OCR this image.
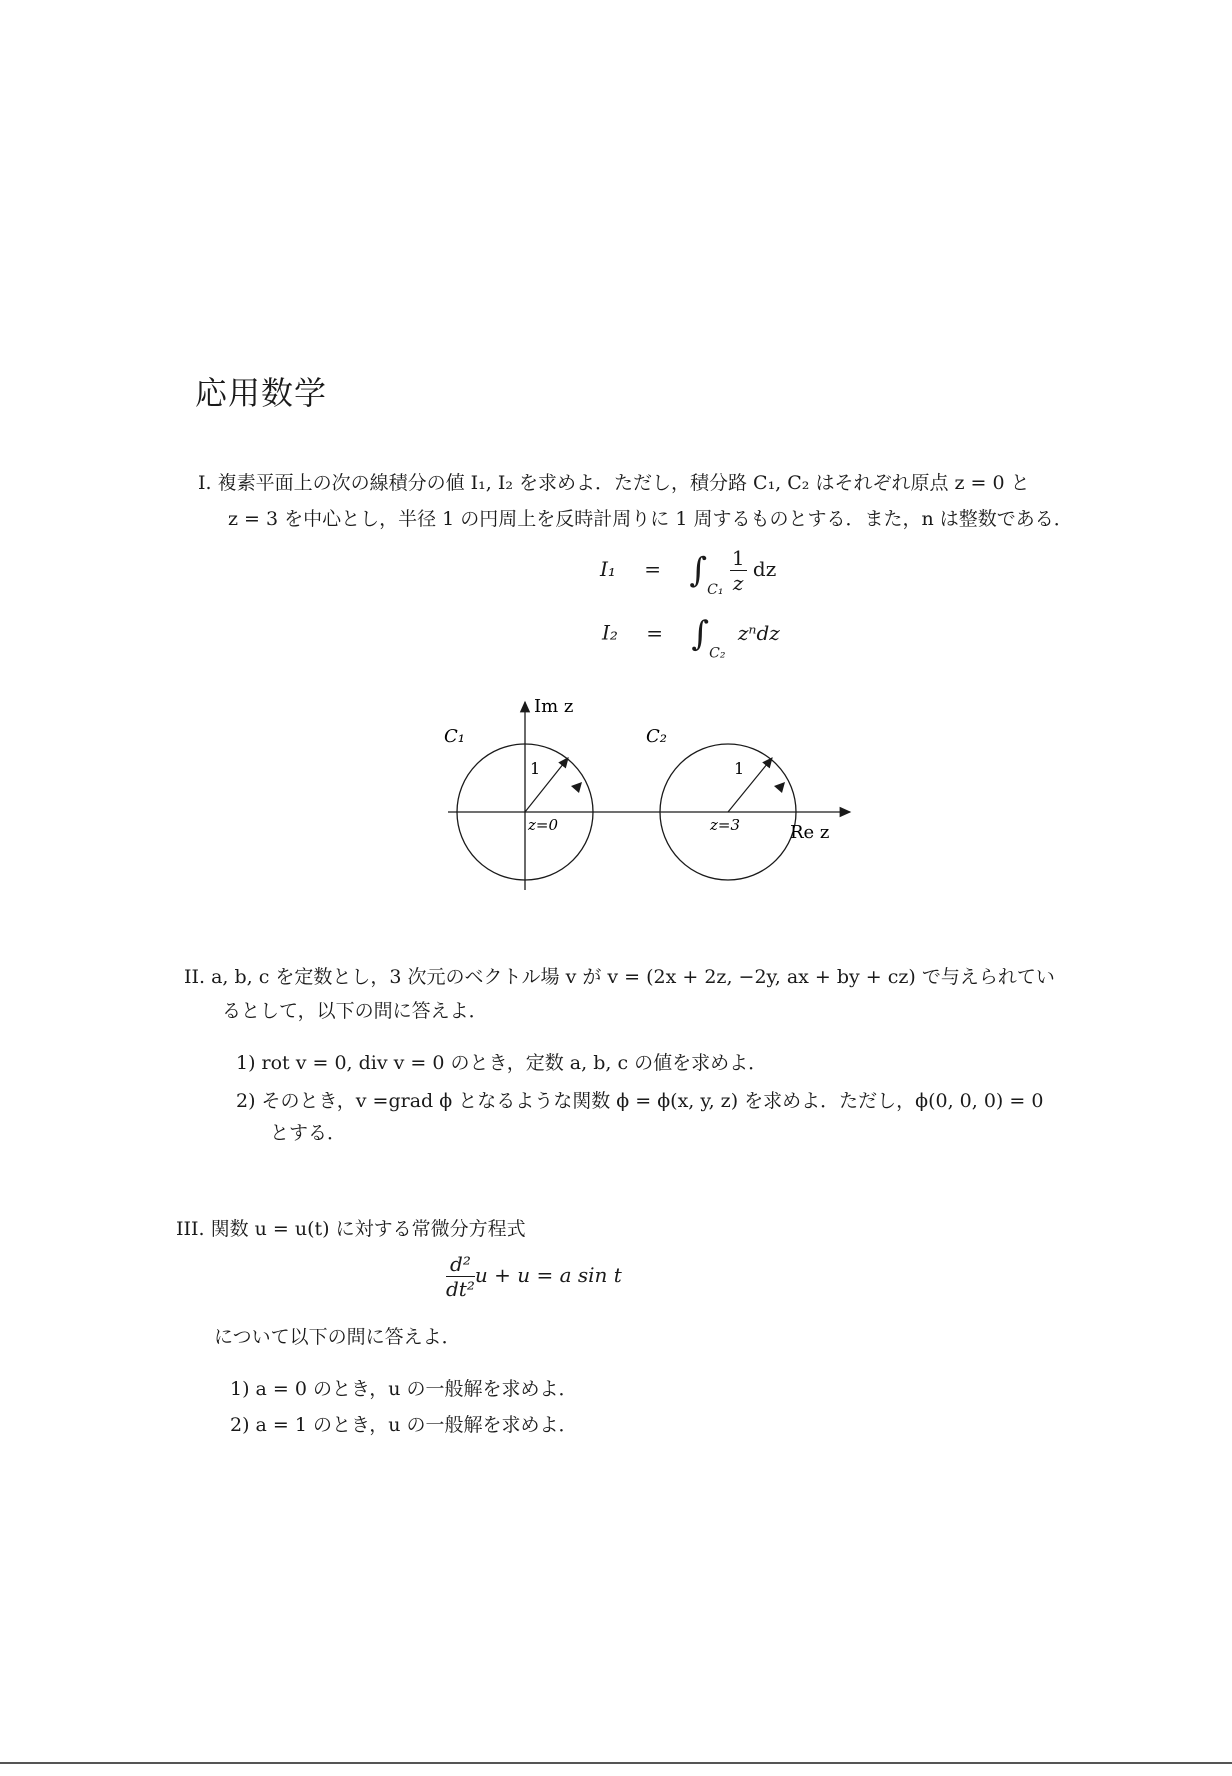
応用数学
I. 複素平面上の次の線積分の値 I₁, I₂ を求めよ．ただし，積分路 C₁, C₂ はそれぞれ原点 z = 0 と
z = 3 を中心とし，半径 1 の円周上を反時計周りに 1 周するものとする．また，n は整数である．
$I_1 = \int_{C_1} \frac{1}{z}$ dz
$I_2 = \int_{C_2}$ zⁿdz
Im z
Re z
C₁	C₂
1	1
z=0	z=3
II. a, b, c を定数とし，3 次元のベクトル場 v が v = (2x + 2z, −2y, ax + by + cz) で与えられてい
るとして，以下の問に答えよ．
1) rot v = 0, div v = 0 のとき，定数 a, b, c の値を求めよ．
2) そのとき，v =grad ϕ となるような関数 ϕ = ϕ(x, y, z) を求めよ．ただし，ϕ(0, 0, 0) = 0
とする．
III. 関数 u = u(t) に対する常微分方程式
$\frac{\text{d²}}{\text{dt²}}$ u + u = a sin t
について以下の問に答えよ．
1) a = 0 のとき，u の一般解を求めよ．
2) a = 1 のとき，u の一般解を求めよ．
